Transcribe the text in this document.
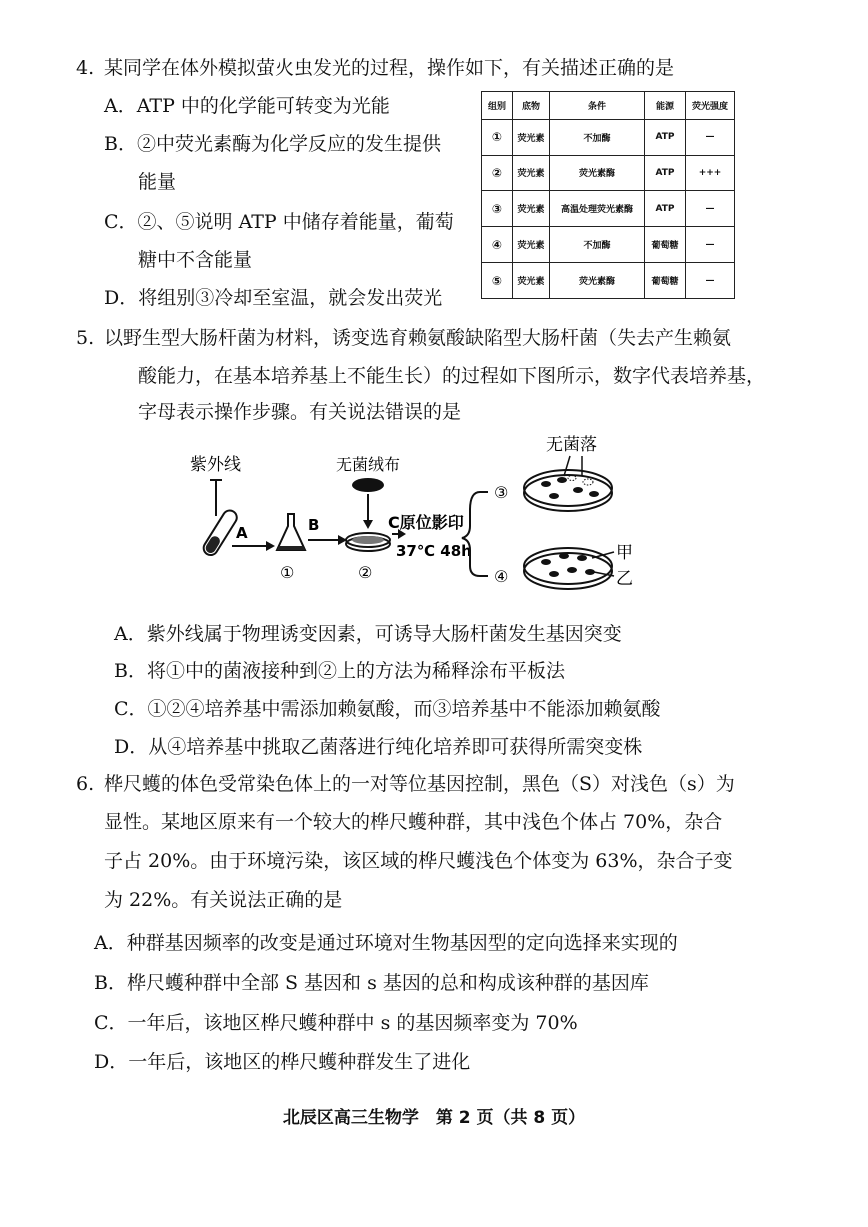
4. 某同学在体外模拟萤火虫发光的过程，操作如下，有关描述正确的是
A．ATP 中的化学能可转变为光能
B．②中荧光素酶为化学反应的发生提供
能量
C．②、⑤说明 ATP 中储存着能量，葡萄
糖中不含能量
D．将组别③冷却至室温，就会发出荧光
组别	底物	条件	能源	荧光强度
①	荧光素	不加酶	ATP	—
②	荧光素	荧光素酶	ATP	+++
③	荧光素	高温处理荧光素酶	ATP	—
④	荧光素	不加酶	葡萄糖	—
⑤	荧光素	荧光素酶	葡萄糖	—
5. 以野生型大肠杆菌为材料，诱变选育赖氨酸缺陷型大肠杆菌（失去产生赖氨
酸能力，在基本培养基上不能生长）的过程如下图所示，数字代表培养基，
字母表示操作步骤。有关说法错误的是
紫外线
A
①
B
无菌绒布
②
C原位影印
37℃ 48h
③
无菌落
④
甲
乙
A．紫外线属于物理诱变因素，可诱导大肠杆菌发生基因突变
B．将①中的菌液接种到②上的方法为稀释涂布平板法
C．①②④培养基中需添加赖氨酸，而③培养基中不能添加赖氨酸
D．从④培养基中挑取乙菌落进行纯化培养即可获得所需突变株
6. 桦尺蠖的体色受常染色体上的一对等位基因控制，黑色（S）对浅色（s）为
显性。某地区原来有一个较大的桦尺蠖种群，其中浅色个体占 70%，杂合
子占 20%。由于环境污染，该区域的桦尺蠖浅色个体变为 63%，杂合子变
为 22%。有关说法正确的是
A．种群基因频率的改变是通过环境对生物基因型的定向选择来实现的
B．桦尺蠖种群中全部 S 基因和 s 基因的总和构成该种群的基因库
C．一年后，该地区桦尺蠖种群中 s 的基因频率变为 70%
D．一年后，该地区的桦尺蠖种群发生了进化
北辰区高三生物学　第 2 页（共 8 页）
